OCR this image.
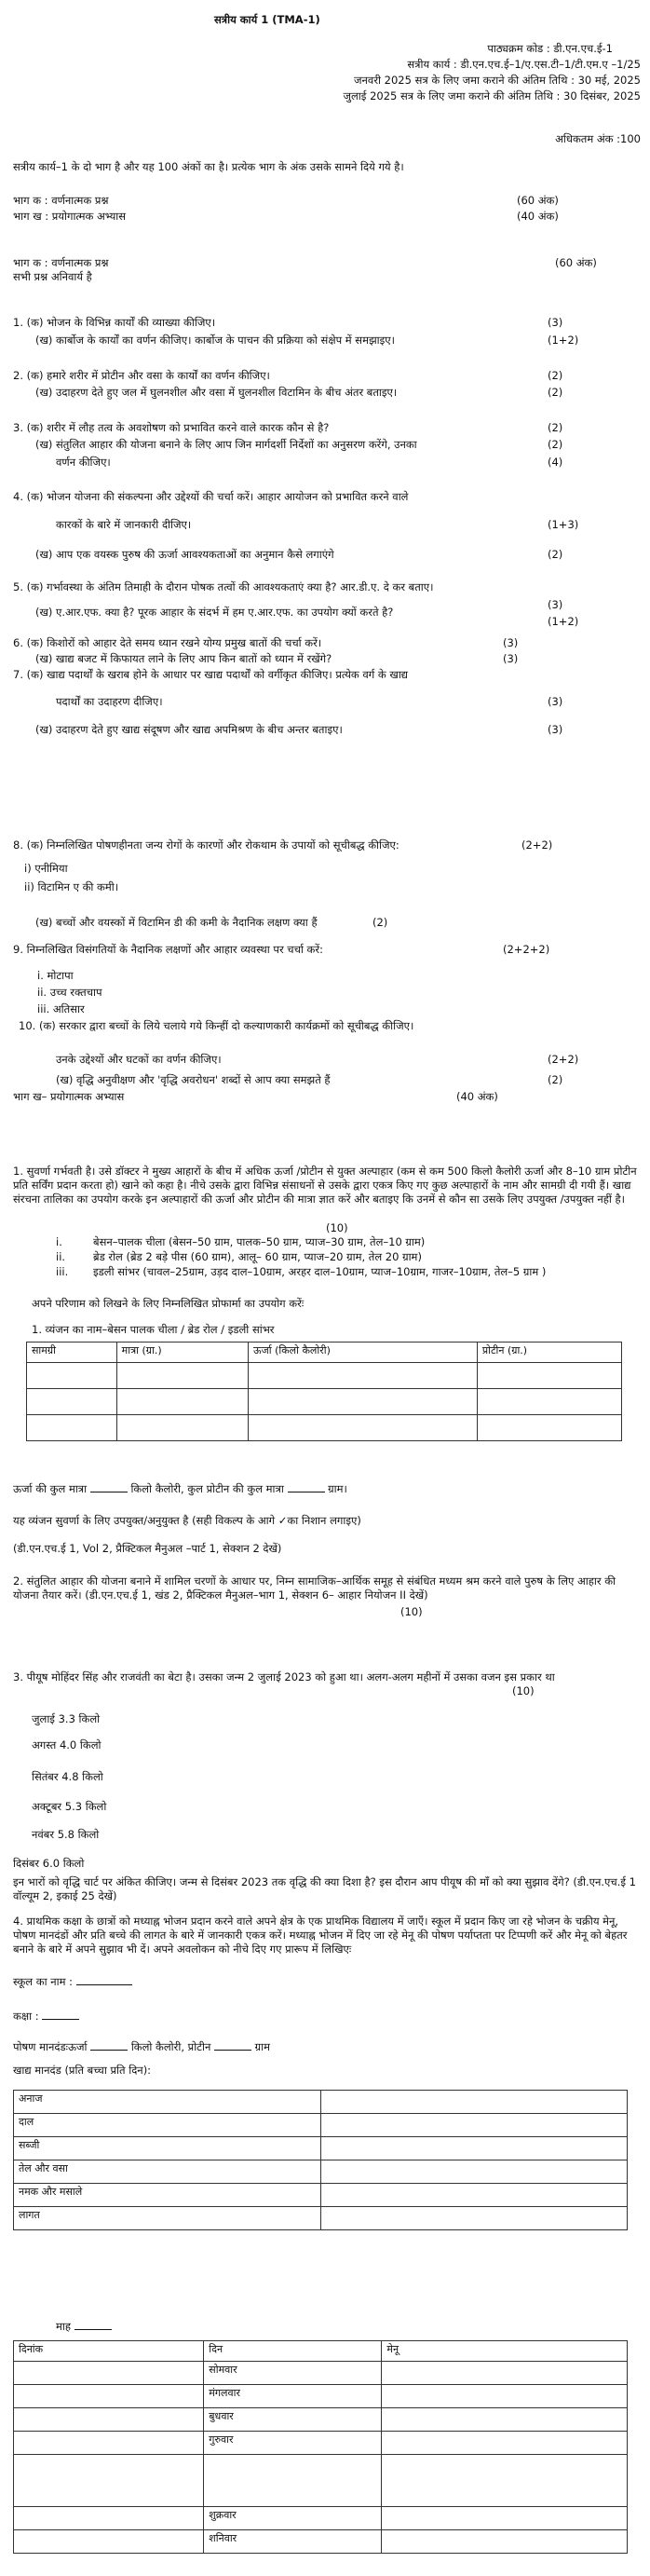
सत्रीय कार्य 1 (TMA-1)
पाठ्यक्रम कोड : डी.एन.एच.ई-1
सत्रीय कार्य : डी.एन.एच.ई–1/ए.एस.टी–1/टी.एम.ए –1/25
जनवरी 2025 सत्र के लिए जमा कराने की अंतिम तिथि : 30 मई, 2025
जुलाई 2025 सत्र के लिए जमा कराने की अंतिम तिथि : 30 दिसंबर, 2025
अधिकतम अंक :100
सत्रीय कार्य–1 के दो भाग है और यह 100 अंकों का है। प्रत्येक भाग के अंक उसके सामने दिये गये है।
भाग क : वर्णनात्मक प्रश्न	(60 अंक)
भाग ख : प्रयोगात्मक अभ्यास	(40 अंक)
भाग क : वर्णनात्मक प्रश्न	(60 अंक)
सभी प्रश्न अनिवार्य है
1. (क) भोजन के विभिन्न कार्यों की व्याख्या कीजिए।	(3)
(ख) कार्बोज के कार्यों का वर्णन कीजिए। कार्बोज के पाचन की प्रक्रिया को संक्षेप में समझाइए।	(1+2)
2. (क) हमारे शरीर में प्रोटीन और वसा के कार्यों का वर्णन कीजिए।	(2)
(ख) उदाहरण देते हुए जल में घुलनशील और वसा में घुलनशील विटामिन के बीच अंतर बताइए।	(2)
3. (क) शरीर में लौह तत्व के अवशोषण को प्रभावित करने वाले कारक कौन से है?	(2)
(ख) संतुलित आहार की योजना बनाने के लिए आप जिन मार्गदर्शी निर्देशों का अनुसरण करेंगे, उनका	(2)
वर्णन कीजिए।	(4)
4. (क) भोजन योजना की संकल्पना और उद्देश्यों की चर्चा करें। आहार आयोजन को प्रभावित करने वाले
कारकों के बारे में जानकारी दीजिए।	(1+3)
(ख) आप एक वयस्क पुरुष की ऊर्जा आवश्यकताओं का अनुमान कैसे लगाएंगे	(2)
5. (क) गर्भावस्था के अंतिम तिमाही के दौरान पोषक तत्वों की आवश्यकताएं क्या है? आर.डी.ए. दे कर बताए।
(3)
(ख) ए.आर.एफ. क्या है? पूरक आहार के संदर्भ में हम ए.आर.एफ. का उपयोग क्यों करते है?
(1+2)
6. (क) किशोरों को आहार देते समय ध्यान रखने योग्य प्रमुख बातों की चर्चा करें।	(3)
(ख) खाद्य बजट में किफायत लाने के लिए आप किन बातों को ध्यान में रखेंगे?	(3)
7. (क) खाद्य पदार्थों के खराब होने के आधार पर खाद्य पदार्थों को वर्गीकृत कीजिए। प्रत्येक वर्ग के खाद्य
पदार्थों का उदाहरण दीजिए।	(3)
(ख) उदाहरण देते हुए खाद्य संदूषण और खाद्य अपमिश्रण के बीच अन्तर बताइए।	(3)
8. (क) निम्नलिखित पोषणहीनता जन्य रोगों के कारणों और रोकथाम के उपायों को सूचीबद्ध कीजिए:	(2+2)
i) एनीमिया
ii) विटामिन ए की कमी।
(ख) बच्चों और वयस्कों में विटामिन डी की कमी के नैदानिक लक्षण क्या हैं	(2)
9. निम्नलिखित विसंगतियों के नैदानिक लक्षणों और आहार व्यवस्था पर चर्चा करें:	(2+2+2)
i. मोटापा
ii. उच्च रक्तचाप
iii. अतिसार
10. (क) सरकार द्वारा बच्चों के लिये चलाये गये किन्हीं दो कल्याणकारी कार्यक्रमों को सूचीबद्ध कीजिए।
उनके उद्देश्यों और घटकों का वर्णन कीजिए।	(2+2)
(ख) वृद्धि अनुवीक्षण और 'वृद्धि अवरोधन' शब्दों से आप क्या समझते हैं	(2)
भाग ख– प्रयोगात्मक अभ्यास	(40 अंक)
1. सुवर्णा गर्भवती है। उसे डॉक्टर ने मुख्य आहारों के बीच में अधिक ऊर्जा /प्रोटीन से युक्त अल्पाहार (कम से कम 500 किलो कैलोरी ऊर्जा और 8–10 ग्राम प्रोटीन प्रति सर्विंग प्रदान करता हो) खाने को कहा है। नीचे उसके द्वारा विभिन्न संसाधनों से उसके द्वारा एकत्र किए गए कुछ अल्पाहारों के नाम और सामग्री दी गयी हैं। खाद्य संरचना तालिका का उपयोग करके इन अल्पाहारों की ऊर्जा और प्रोटीन की मात्रा ज्ञात करें और बताइए कि उनमें से कौन सा उसके लिए उपयुक्त /उपयुक्त नहीं है।
(10)
i.	बेसन–पालक चीला (बेसन–50 ग्राम, पालक–50 ग्राम, प्याज–30 ग्राम, तेल–10 ग्राम)
ii.	ब्रेड रोल (ब्रेड 2 बड़े पीस (60 ग्राम), आलू– 60 ग्राम, प्याज–20 ग्राम, तेल 20 ग्राम)
iii. इडली सांभर (चावल–25ग्राम, उड़द दाल–10ग्राम, अरहर दाल–10ग्राम, प्याज–10ग्राम, गाजर–10ग्राम, तेल–5 ग्राम )
अपने परिणाम को लिखने के लिए निम्नलिखित प्रोफार्मा का उपयोग करेंः
1. व्यंजन का नाम–बेसन पालक चीला / ब्रेड रोल / इडली सांभर
सामग्री	मात्रा (ग्रा.)	ऊर्जा (किलो कैलोरी)	प्रोटीन (ग्रा.)

ऊर्जा की कुल मात्रा	किलो कैलोरी, कुल प्रोटीन की कुल मात्रा	ग्राम।
यह व्यंजन सुवर्णा के लिए उपयुक्त/अनुयुक्त है (सही विकल्प के आगे ✓का निशान लगाइए)
(डी.एन.एच.ई 1, Vol 2, प्रैक्टिकल मैनुअल –पार्ट 1, सेक्शन 2 देखें)
2. संतुलित आहार की योजना बनाने में शामिल चरणों के आधार पर, निम्न सामाजिक–आर्थिक समूह से संबंधित मध्यम श्रम करने वाले पुरुष के लिए आहार की योजना तैयार करें। (डी.एन.एच.ई 1, खंड 2, प्रैक्टिकल मैनुअल–भाग 1, सेक्शन 6– आहार नियोजन II देखें)
(10)
3. पीयूष मोहिंदर सिंह और राजवंती का बेटा है। उसका जन्म 2 जुलाई 2023 को हुआ था। अलग-अलग महीनों में उसका वजन इस प्रकार था
(10)
जुलाई 3.3 किलो
अगस्त 4.0 किलो
सितंबर 4.8 किलो
अक्टूबर 5.3 किलो
नवंबर 5.8 किलो
दिसंबर 6.0 किलो
इन भारों को वृद्धि चार्ट पर अंकित कीजिए। जन्म से दिसंबर 2023 तक वृद्धि की क्या दिशा है? इस दौरान आप पीयूष की माँ को क्या सुझाव देंगे? (डी.एन.एच.ई 1 वॉल्यूम 2, इकाई 25 देखें)
4. प्राथमिक कक्षा के छात्रों को मध्याह्न भोजन प्रदान करने वाले अपने क्षेत्र के एक प्राथमिक विद्यालय में जाएँ। स्कूल में प्रदान किए जा रहे भोजन के चक्रीय मेनू, पोषण मानदंडों और प्रति बच्चे की लागत के बारे में जानकारी एकत्र करें। मध्याह्न भोजन में दिए जा रहे मेनू की पोषण पर्याप्तता पर टिप्पणी करें और मेनू को बेहतर बनाने के बारे में अपने सुझाव भी दें। अपने अवलोकन को नीचे दिए गए प्रारूप में लिखिएः
स्कूल का नाम :
कक्षा :
पोषण मानदंडःऊर्जा	किलो कैलोरी, प्रोटीन	ग्राम
खाद्य मानदंड (प्रति बच्चा प्रति दिन):
अनाज	
दाल	
सब्जी	
तेल और वसा	
नमक और मसाले	
लागत	
माह
दिनांक	दिन	मेनू
	सोमवार	
	मंगलवार	
	बुधवार	
	गुरुवार	

	शुक्रवार	
	शनिवार	
